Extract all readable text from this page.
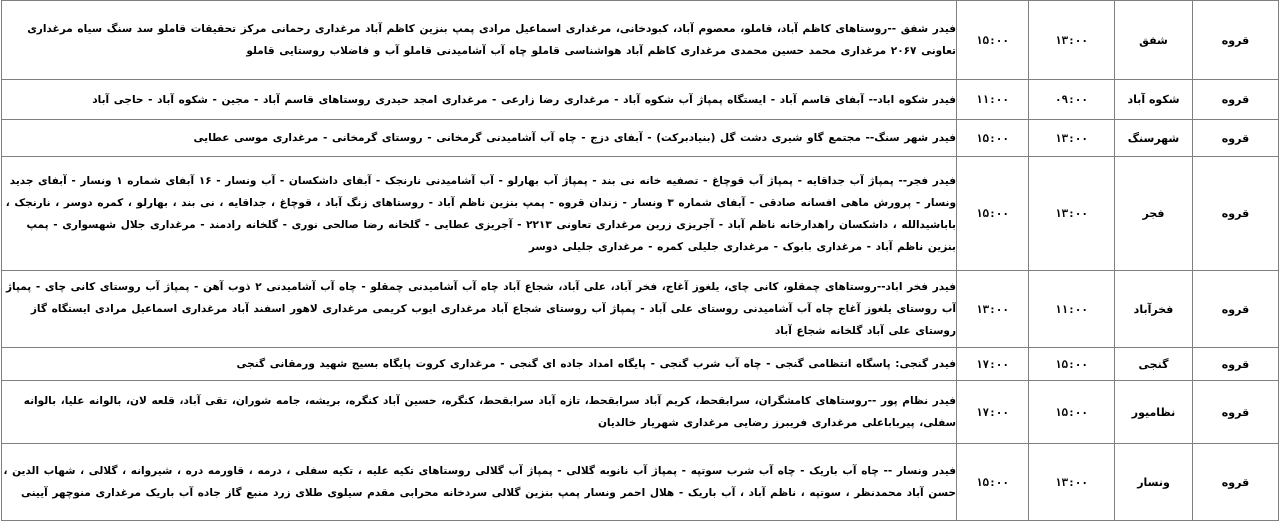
قروه	شفق	۱۳:۰۰	۱۵:۰۰	فیدر شفق --روستاهای کاظم آباد، قاملو، معصوم آباد، کبودخانی، مرغداری اسماعیل مرادی پمپ بنزین کاظم آباد مرغداری رحمانی مرکز تحقیقات قاملو سد سنگ سیاه مرغداری تعاونی ۲۰۶۷ مرغداری محمد حسین محمدی مرغداری کاظم آباد هواشناسی قاملو چاه آب آشامیدنی قاملو آب و فاضلاب روستایی قاملو
قروه	شکوه آباد	۰۹:۰۰	۱۱:۰۰	فیدر شکوه اباد-- آبفای قاسم آباد - ایستگاه پمپاژ آب شکوه آباد - مرغداری رضا زارعی - مرغداری امجد حیدری روستاهای قاسم آباد - مجین - شکوه آباد - حاجی آباد
قروه	شهرسنگ	۱۳:۰۰	۱۵:۰۰	فیدر شهر سنگ-- مجتمع گاو شیری دشت گل (بنیادبرکت) - آبفای دزج - چاه آب آشامیدنی گرمخانی - روستای گرمخانی - مرغداری موسی عطایی
قروه	فجر	۱۳:۰۰	۱۵:۰۰	فیدر فجر-- پمپاژ آب جداقایه - پمپاژ آب قوچاغ - تصفیه خانه نی بند - پمپاژ آب بهارلو - آب آشامیدنی نارنجک - آبفای داشکسان - آب ونسار - ۱۶ آبفای شماره ۱ ونسار - آبفای جدید ونسار - پرورش ماهی افسانه صادقی - آبفای شماره ۳ ونسار - زندان قروه - پمپ بنزین ناظم آباد - روستاهای زنگ آباد ، قوچاغ ، جداقایه ، نی بند ، بهارلو ، کمره دوسر ، نارنجک ، باباشیدالله ، داشکسان راهدارخانه ناظم آباد - آجریزی زرین مرغداری تعاونی ۲۲۱۳ - آجریزی عطایی - گلخانه رضا صالحی نوری - گلخانه رادمند - مرغداری جلال شهسواری - پمپ بنزین ناظم آباد - مرغداری بابوک - مرغداری جلیلی کمره - مرغداری جلیلی دوسر
قروه	فخرآباد	۱۱:۰۰	۱۳:۰۰	فیدر فخر اباد--روستاهای چمقلو، کانی چای، یلغوز آغاج، فخر آباد، علی آباد، شجاع آباد چاه آب آشامیدنی چمقلو - چاه آب آشامیدنی ۲ ذوب آهن - پمپاژ آب روستای کانی چای - پمپاژ آب روستای یلغوز آغاج چاه آب آشامیدنی روستای علی آباد - پمپاژ آب روستای شجاع آباد مرغداری ایوب کریمی مرغداری لاهور اسفند آباد مرغداری اسماعیل مرادی ایستگاه گاز روستای علی آباد گلخانه شجاع آباد
قروه	گنجی	۱۵:۰۰	۱۷:۰۰	فیدر گنجی: پاسگاه انتظامی گنجی - چاه آب شرب گنجی - پایگاه امداد جاده ای گنجی - مرغداری کروت پایگاه بسیج شهید ورمقانی گنجی
قروه	نظامیور	۱۵:۰۰	۱۷:۰۰	فیدر نظام پور --روستاهای کامشگران، سرابقحط، کریم آباد سرابقحط، تازه آباد سرابقحط، کنگره، حسین آباد کنگره، بریشه، جامه شوران، تقی آباد، قلعه لان، بالوانه علیا، بالوانه سفلی، پیرباباعلی مرغداری فریبرز رضایی مرغداری شهریار خالدیان
قروه	ونسار	۱۳:۰۰	۱۵:۰۰	فیدر ونسار -- چاه آب باریک - چاه آب شرب سوتپه - پمپاژ آب نانوبه گلالی - پمپاژ آب گلالی روستاهای تکیه علیه ، تکیه سفلی ، درمه ، قاورمه دره ، شیروانه ، گلالی ، شهاب الدین ، حسن آباد محمدنظر ، سوتپه ، ناظم آباد ، آب باریک - هلال احمر ونسار پمپ بنزین گلالی سردخانه محرابی مقدم سیلوی طلای زرد منبع گاز جاده آب باریک مرغداری منوچهر آیینی
